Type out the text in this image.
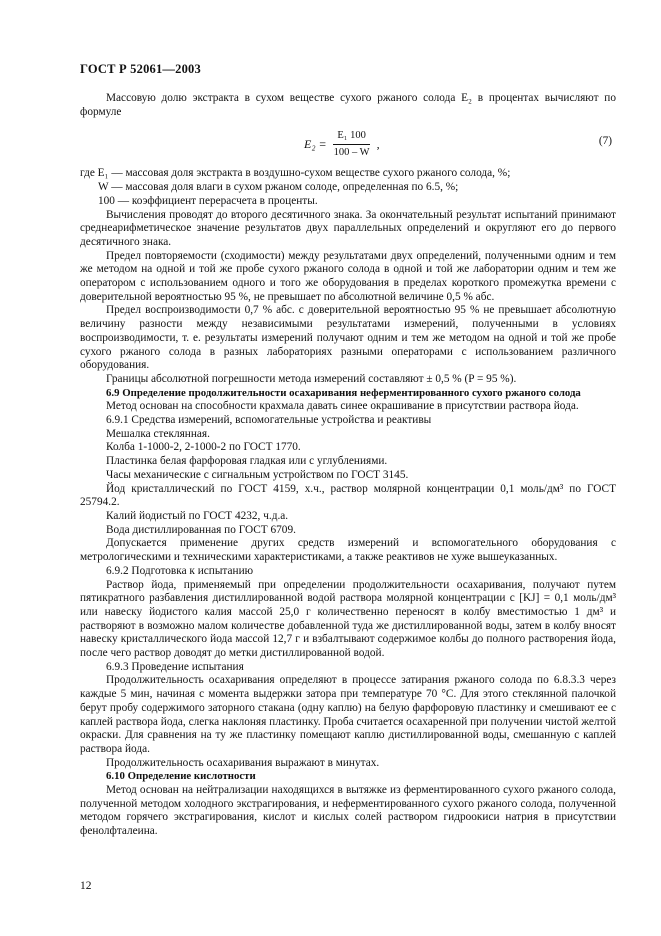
ГОСТ Р 52061—2003

Массовую долю экстракта в сухом веществе сухого ржаного солода E₂ в процентах вычисляют по формуле

$E_2 = \frac{\text{E₁ 100}}{100 - W}$ ,	(7)

где E₁ — массовая доля экстракта в воздушно-сухом веществе сухого ржаного солода, %;

W — массовая доля влаги в сухом ржаном солоде, определенная по 6.5, %;

100 — коэффициент перерасчета в проценты.

Вычисления проводят до второго десятичного знака. За окончательный результат испытаний принимают среднеарифметическое значение результатов двух параллельных определений и округляют его до первого десятичного знака.

Предел повторяемости (сходимости) между результатами двух определений, полученными одним и тем же методом на одной и той же пробе сухого ржаного солода в одной и той же лаборатории одним и тем же оператором с использованием одного и того же оборудования в пределах короткого промежутка времени с доверительной вероятностью 95 %, не превышает по абсолютной величине 0,5 % абс.

Предел воспроизводимости 0,7 % абс. с доверительной вероятностью 95 % не превышает абсолютную величину разности между независимыми результатами измерений, полученными в условиях воспроизводимости, т. е. результаты измерений получают одним и тем же методом на одной и той же пробе сухого ржаного солода в разных лабораториях разными операторами с использованием различного оборудования.

Границы абсолютной погрешности метода измерений составляют ± 0,5 % (P = 95 %).

6.9 Определение продолжительности осахаривания неферментированного сухого ржаного солода

Метод основан на способности крахмала давать синее окрашивание в присутствии раствора йода.

6.9.1 Средства измерений, вспомогательные устройства и реактивы

Мешалка стеклянная.

Колба 1-1000-2, 2-1000-2 по ГОСТ 1770.

Пластинка белая фарфоровая гладкая или с углублениями.

Часы механические с сигнальным устройством по ГОСТ 3145.

Йод кристаллический по ГОСТ 4159, х.ч., раствор молярной концентрации 0,1 моль/дм³ по ГОСТ 25794.2.

Калий йодистый по ГОСТ 4232, ч.д.а.

Вода дистиллированная по ГОСТ 6709.

Допускается применение других средств измерений и вспомогательного оборудования с метрологическими и техническими характеристиками, а также реактивов не хуже вышеуказанных.

6.9.2 Подготовка к испытанию

Раствор йода, применяемый при определении продолжительности осахаривания, получают путем пятикратного разбавления дистиллированной водой раствора молярной концентрации c [KJ] = 0,1 моль/дм³ или навеску йодистого калия массой 25,0 г количественно переносят в колбу вместимостью 1 дм³ и растворяют в возможно малом количестве добавленной туда же дистиллированной воды, затем в колбу вносят навеску кристаллического йода массой 12,7 г и взбалтывают содержимое колбы до полного растворения йода, после чего раствор доводят до метки дистиллированной водой.

6.9.3 Проведение испытания

Продолжительность осахаривания определяют в процессе затирания ржаного солода по 6.8.3.3 через каждые 5 мин, начиная с момента выдержки затора при температуре 70 °С. Для этого стеклянной палочкой берут пробу содержимого заторного стакана (одну каплю) на белую фарфоровую пластинку и смешивают ее с каплей раствора йода, слегка наклоняя пластинку. Проба считается осахаренной при получении чистой желтой окраски. Для сравнения на ту же пластинку помещают каплю дистиллированной воды, смешанную с каплей раствора йода.

Продолжительность осахаривания выражают в минутах.

6.10 Определение кислотности

Метод основан на нейтрализации находящихся в вытяжке из ферментированного сухого ржаного солода, полученной методом холодного экстрагирования, и неферментированного сухого ржаного солода, полученной методом горячего экстрагирования, кислот и кислых солей раствором гидроокиси натрия в присутствии фенолфталеина.

12
